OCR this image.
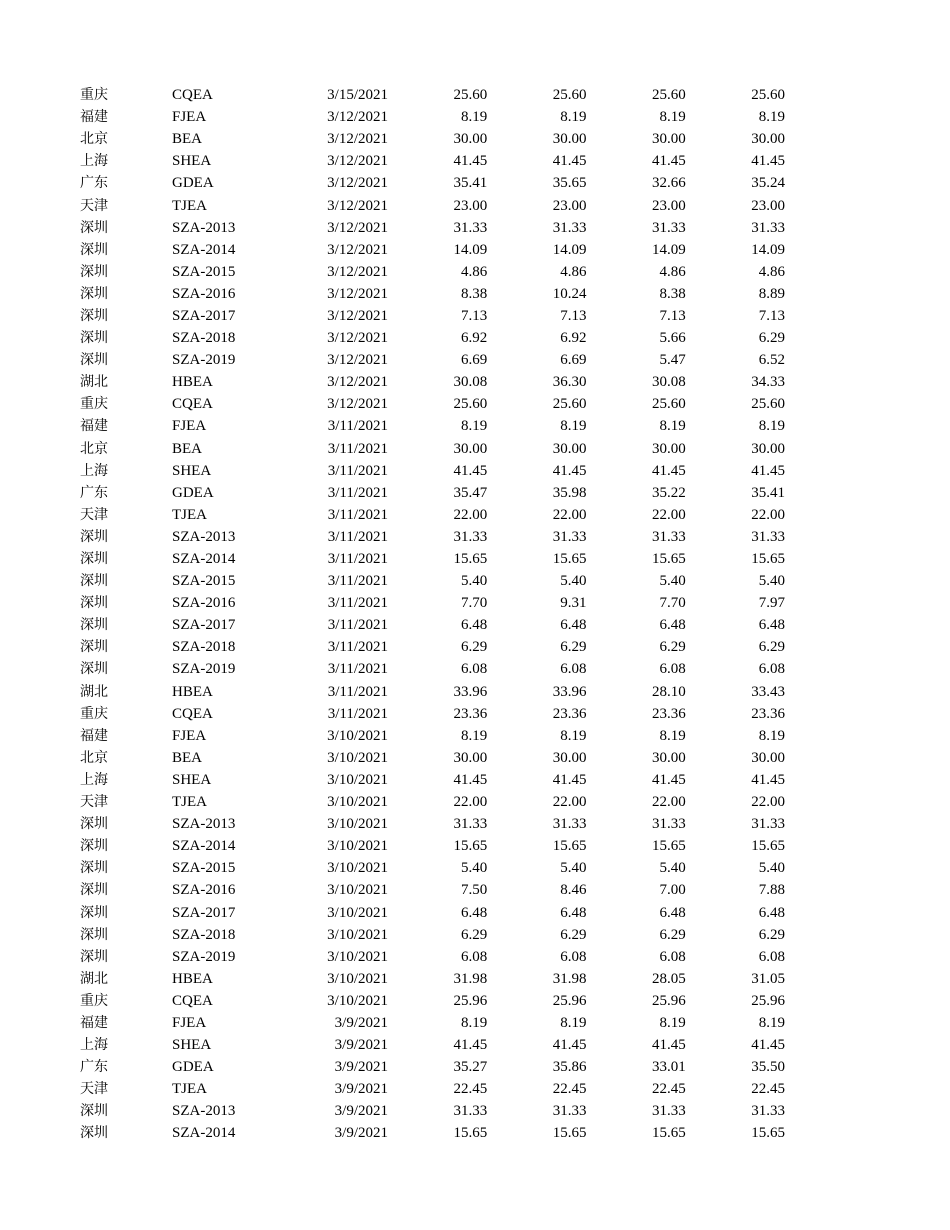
重庆	CQEA	3/15/2021	25.60	25.60	25.60	25.60
福建	FJEA	3/12/2021	8.19	8.19	8.19	8.19
北京	BEA	3/12/2021	30.00	30.00	30.00	30.00
上海	SHEA	3/12/2021	41.45	41.45	41.45	41.45
广东	GDEA	3/12/2021	35.41	35.65	32.66	35.24
天津	TJEA	3/12/2021	23.00	23.00	23.00	23.00
深圳	SZA-2013	3/12/2021	31.33	31.33	31.33	31.33
深圳	SZA-2014	3/12/2021	14.09	14.09	14.09	14.09
深圳	SZA-2015	3/12/2021	4.86	4.86	4.86	4.86
深圳	SZA-2016	3/12/2021	8.38	10.24	8.38	8.89
深圳	SZA-2017	3/12/2021	7.13	7.13	7.13	7.13
深圳	SZA-2018	3/12/2021	6.92	6.92	5.66	6.29
深圳	SZA-2019	3/12/2021	6.69	6.69	5.47	6.52
湖北	HBEA	3/12/2021	30.08	36.30	30.08	34.33
重庆	CQEA	3/12/2021	25.60	25.60	25.60	25.60
福建	FJEA	3/11/2021	8.19	8.19	8.19	8.19
北京	BEA	3/11/2021	30.00	30.00	30.00	30.00
上海	SHEA	3/11/2021	41.45	41.45	41.45	41.45
广东	GDEA	3/11/2021	35.47	35.98	35.22	35.41
天津	TJEA	3/11/2021	22.00	22.00	22.00	22.00
深圳	SZA-2013	3/11/2021	31.33	31.33	31.33	31.33
深圳	SZA-2014	3/11/2021	15.65	15.65	15.65	15.65
深圳	SZA-2015	3/11/2021	5.40	5.40	5.40	5.40
深圳	SZA-2016	3/11/2021	7.70	9.31	7.70	7.97
深圳	SZA-2017	3/11/2021	6.48	6.48	6.48	6.48
深圳	SZA-2018	3/11/2021	6.29	6.29	6.29	6.29
深圳	SZA-2019	3/11/2021	6.08	6.08	6.08	6.08
湖北	HBEA	3/11/2021	33.96	33.96	28.10	33.43
重庆	CQEA	3/11/2021	23.36	23.36	23.36	23.36
福建	FJEA	3/10/2021	8.19	8.19	8.19	8.19
北京	BEA	3/10/2021	30.00	30.00	30.00	30.00
上海	SHEA	3/10/2021	41.45	41.45	41.45	41.45
天津	TJEA	3/10/2021	22.00	22.00	22.00	22.00
深圳	SZA-2013	3/10/2021	31.33	31.33	31.33	31.33
深圳	SZA-2014	3/10/2021	15.65	15.65	15.65	15.65
深圳	SZA-2015	3/10/2021	5.40	5.40	5.40	5.40
深圳	SZA-2016	3/10/2021	7.50	8.46	7.00	7.88
深圳	SZA-2017	3/10/2021	6.48	6.48	6.48	6.48
深圳	SZA-2018	3/10/2021	6.29	6.29	6.29	6.29
深圳	SZA-2019	3/10/2021	6.08	6.08	6.08	6.08
湖北	HBEA	3/10/2021	31.98	31.98	28.05	31.05
重庆	CQEA	3/10/2021	25.96	25.96	25.96	25.96
福建	FJEA	3/9/2021	8.19	8.19	8.19	8.19
上海	SHEA	3/9/2021	41.45	41.45	41.45	41.45
广东	GDEA	3/9/2021	35.27	35.86	33.01	35.50
天津	TJEA	3/9/2021	22.45	22.45	22.45	22.45
深圳	SZA-2013	3/9/2021	31.33	31.33	31.33	31.33
深圳	SZA-2014	3/9/2021	15.65	15.65	15.65	15.65
